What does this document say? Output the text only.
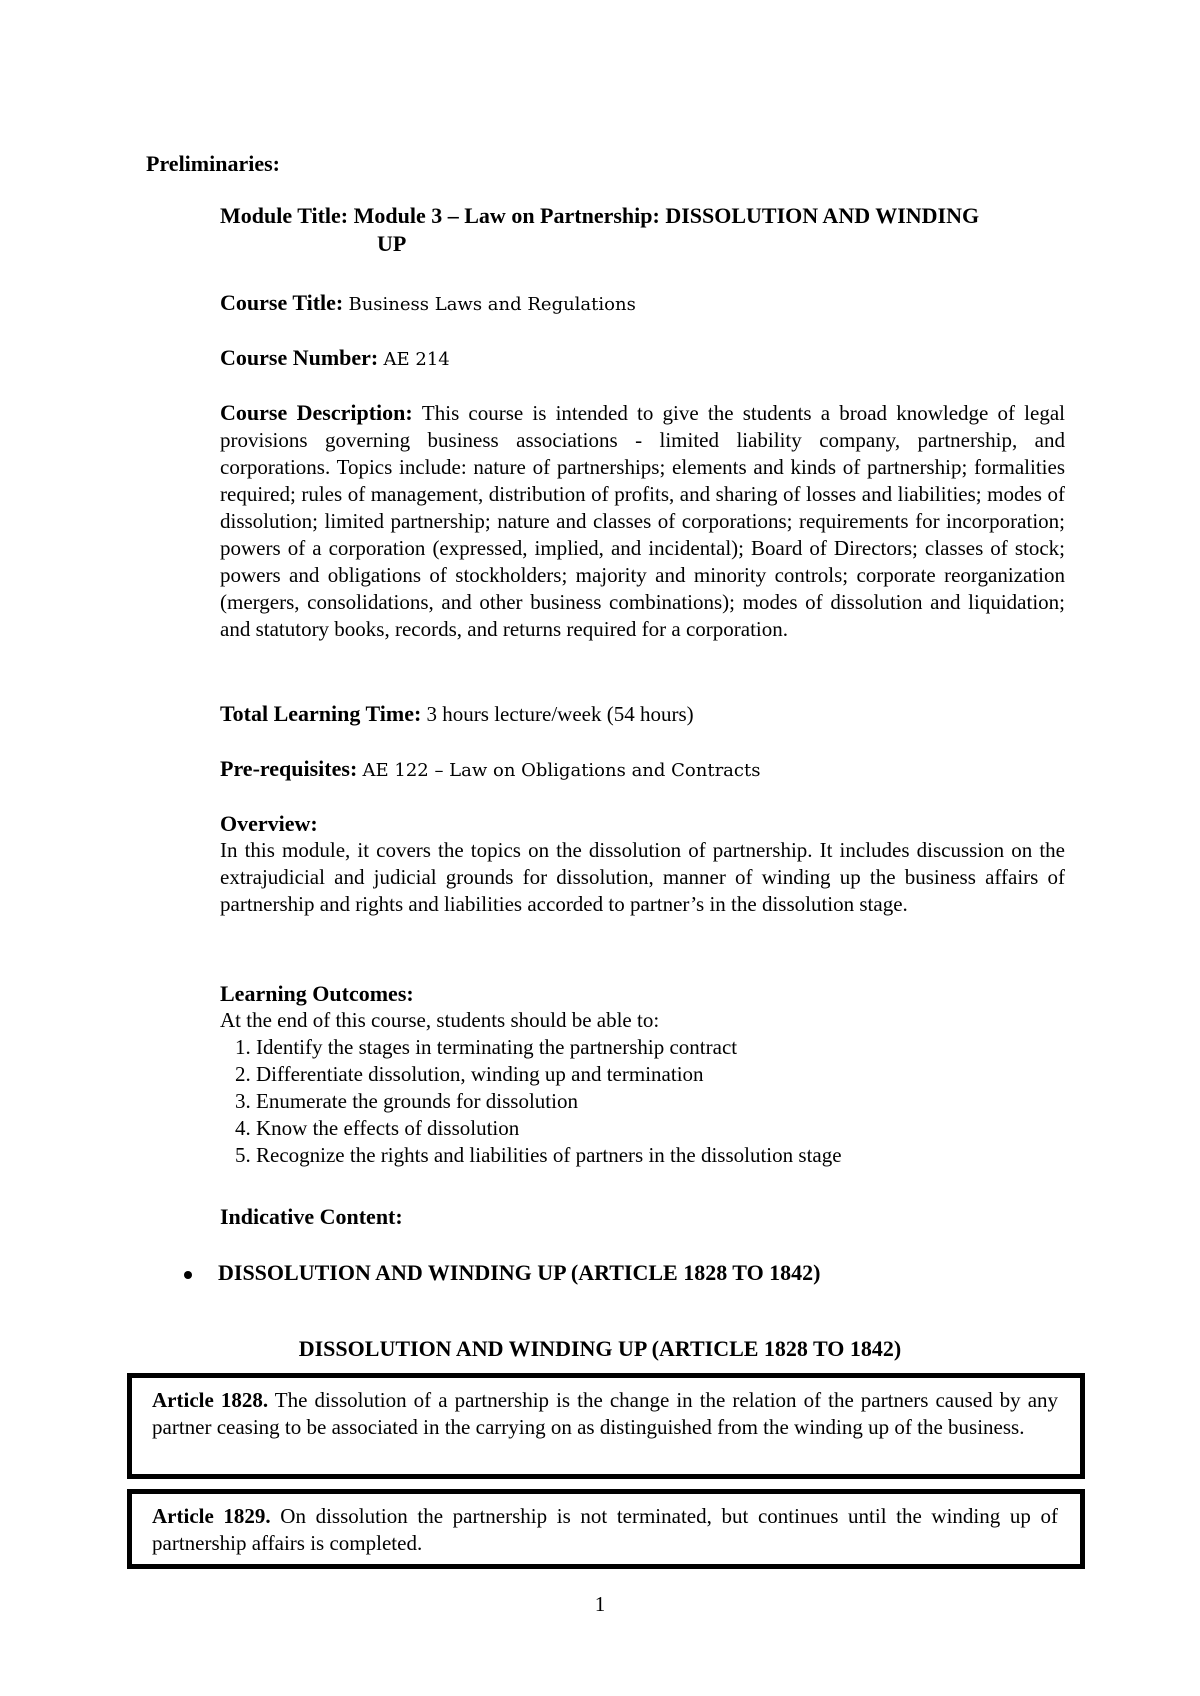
Preliminaries:
Module Title: Module 3 – Law on Partnership: DISSOLUTION AND WINDING
UP
Course Title: Business Laws and Regulations
Course Number: AE 214
Course Description: This course is intended to give the students a broad knowledge of legal provisions governing business associations - limited liability company, partnership, and corporations. Topics include: nature of partnerships; elements and kinds of partnership; formalities required; rules of management, distribution of profits, and sharing of losses and liabilities; modes of dissolution; limited partnership; nature and classes of corporations; requirements for incorporation; powers of a corporation (expressed, implied, and incidental); Board of Directors; classes of stock; powers and obligations of stockholders; majority and minority controls; corporate reorganization (mergers, consolidations, and other business combinations); modes of dissolution and liquidation; and statutory books, records, and returns required for a corporation.
Total Learning Time: 3 hours lecture/week (54 hours)
Pre-requisites: AE 122 – Law on Obligations and Contracts
Overview:
In this module, it covers the topics on the dissolution of partnership. It includes discussion on the extrajudicial and judicial grounds for dissolution, manner of winding up the business affairs of partnership and rights and liabilities accorded to partner’s in the dissolution stage.
Learning Outcomes:
At the end of this course, students should be able to:
1. Identify the stages in terminating the partnership contract
2. Differentiate dissolution, winding up and termination
3. Enumerate the grounds for dissolution
4. Know the effects of dissolution
5. Recognize the rights and liabilities of partners in the dissolution stage
Indicative Content:
DISSOLUTION AND WINDING UP (ARTICLE 1828 TO 1842)
DISSOLUTION AND WINDING UP (ARTICLE 1828 TO 1842)
Article 1828. The dissolution of a partnership is the change in the relation of the partners caused by any partner ceasing to be associated in the carrying on as distinguished from the winding up of the business.
Article 1829. On dissolution the partnership is not terminated, but continues until the winding up of partnership affairs is completed.
1
